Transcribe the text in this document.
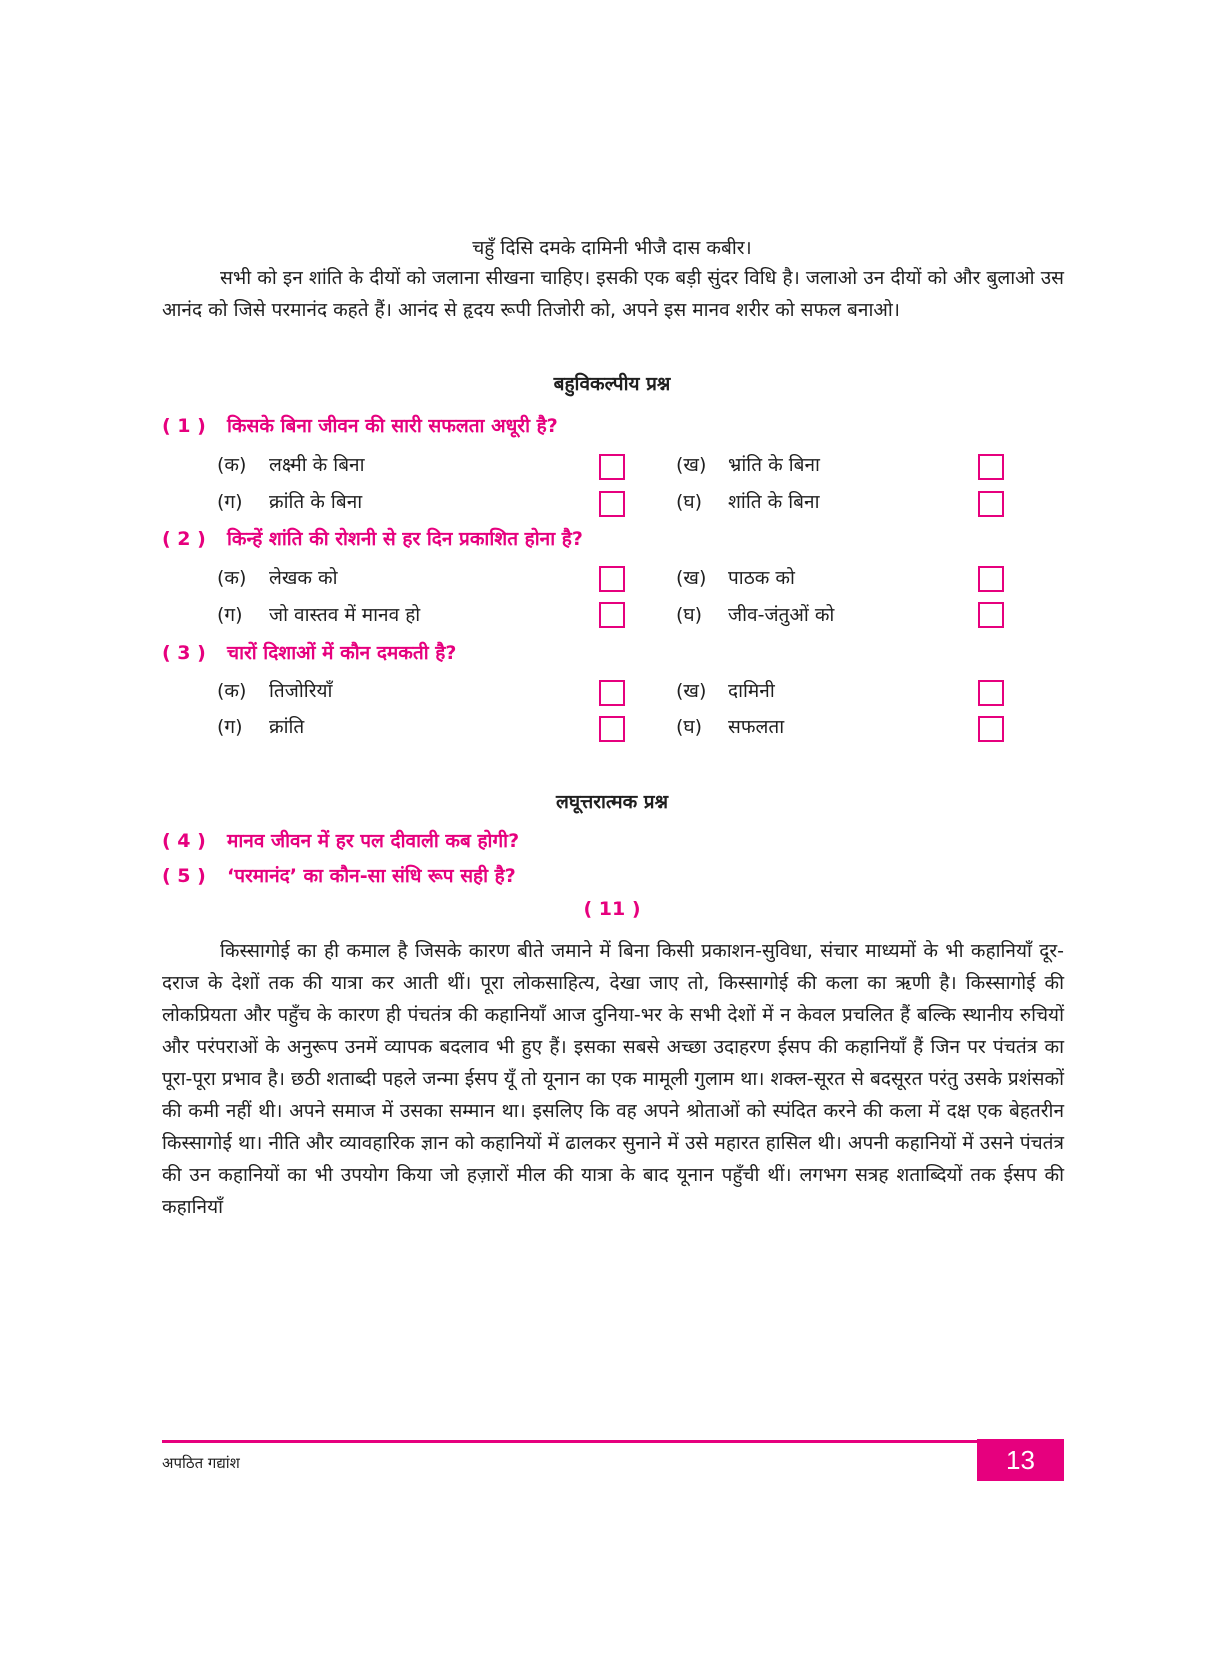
चहुँ दिसि दमके दामिनी भीजै दास कबीर।
सभी को इन शांति के दीयों को जलाना सीखना चाहिए। इसकी एक बड़ी सुंदर विधि है। जलाओ उन दीयों को और बुलाओ उस आनंद को जिसे परमानंद कहते हैं। आनंद से हृदय रूपी तिजोरी को, अपने इस मानव शरीर को सफल बनाओ।
बहुविकल्पीय प्रश्न
( 1 ) किसके बिना जीवन की सारी सफलता अधूरी है?
(क) लक्ष्मी के बिना	(ख) भ्रांति के बिना
(ग) क्रांति के बिना	(घ) शांति के बिना
( 2 ) किन्हें शांति की रोशनी से हर दिन प्रकाशित होना है?
(क) लेखक को	(ख) पाठक को
(ग) जो वास्तव में मानव हो	(घ) जीव-जंतुओं को
( 3 ) चारों दिशाओं में कौन दमकती है?
(क) तिजोरियाँ	(ख) दामिनी
(ग) क्रांति	(घ) सफलता
लघूत्तरात्मक प्रश्न
( 4 ) मानव जीवन में हर पल दीवाली कब होगी?
( 5 ) ‘परमानंद’ का कौन-सा संधि रूप सही है?
( 11 )
किस्सागोई का ही कमाल है जिसके कारण बीते जमाने में बिना किसी प्रकाशन-सुविधा, संचार माध्यमों के भी कहानियाँ दूर-दराज के देशों तक की यात्रा कर आती थीं। पूरा लोकसाहित्य, देखा जाए तो, किस्सागोई की कला का ऋणी है। किस्सागोई की लोकप्रियता और पहुँच के कारण ही पंचतंत्र की कहानियाँ आज दुनिया-भर के सभी देशों में न केवल प्रचलित हैं बल्कि स्थानीय रुचियों और परंपराओं के अनुरूप उनमें व्यापक बदलाव भी हुए हैं। इसका सबसे अच्छा उदाहरण ईसप की कहानियाँ हैं जिन पर पंचतंत्र का पूरा-पूरा प्रभाव है। छठी शताब्दी पहले जन्मा ईसप यूँ तो यूनान का एक मामूली गुलाम था। शक्ल-सूरत से बदसूरत परंतु उसके प्रशंसकों की कमी नहीं थी। अपने समाज में उसका सम्मान था। इसलिए कि वह अपने श्रोताओं को स्पंदित करने की कला में दक्ष एक बेहतरीन किस्सागोई था। नीति और व्यावहारिक ज्ञान को कहानियों में ढालकर सुनाने में उसे महारत हासिल थी। अपनी कहानियों में उसने पंचतंत्र की उन कहानियों का भी उपयोग किया जो हज़ारों मील की यात्रा के बाद यूनान पहुँची थीं। लगभग सत्रह शताब्दियों तक ईसप की कहानियाँ
अपठित गद्यांश	13
